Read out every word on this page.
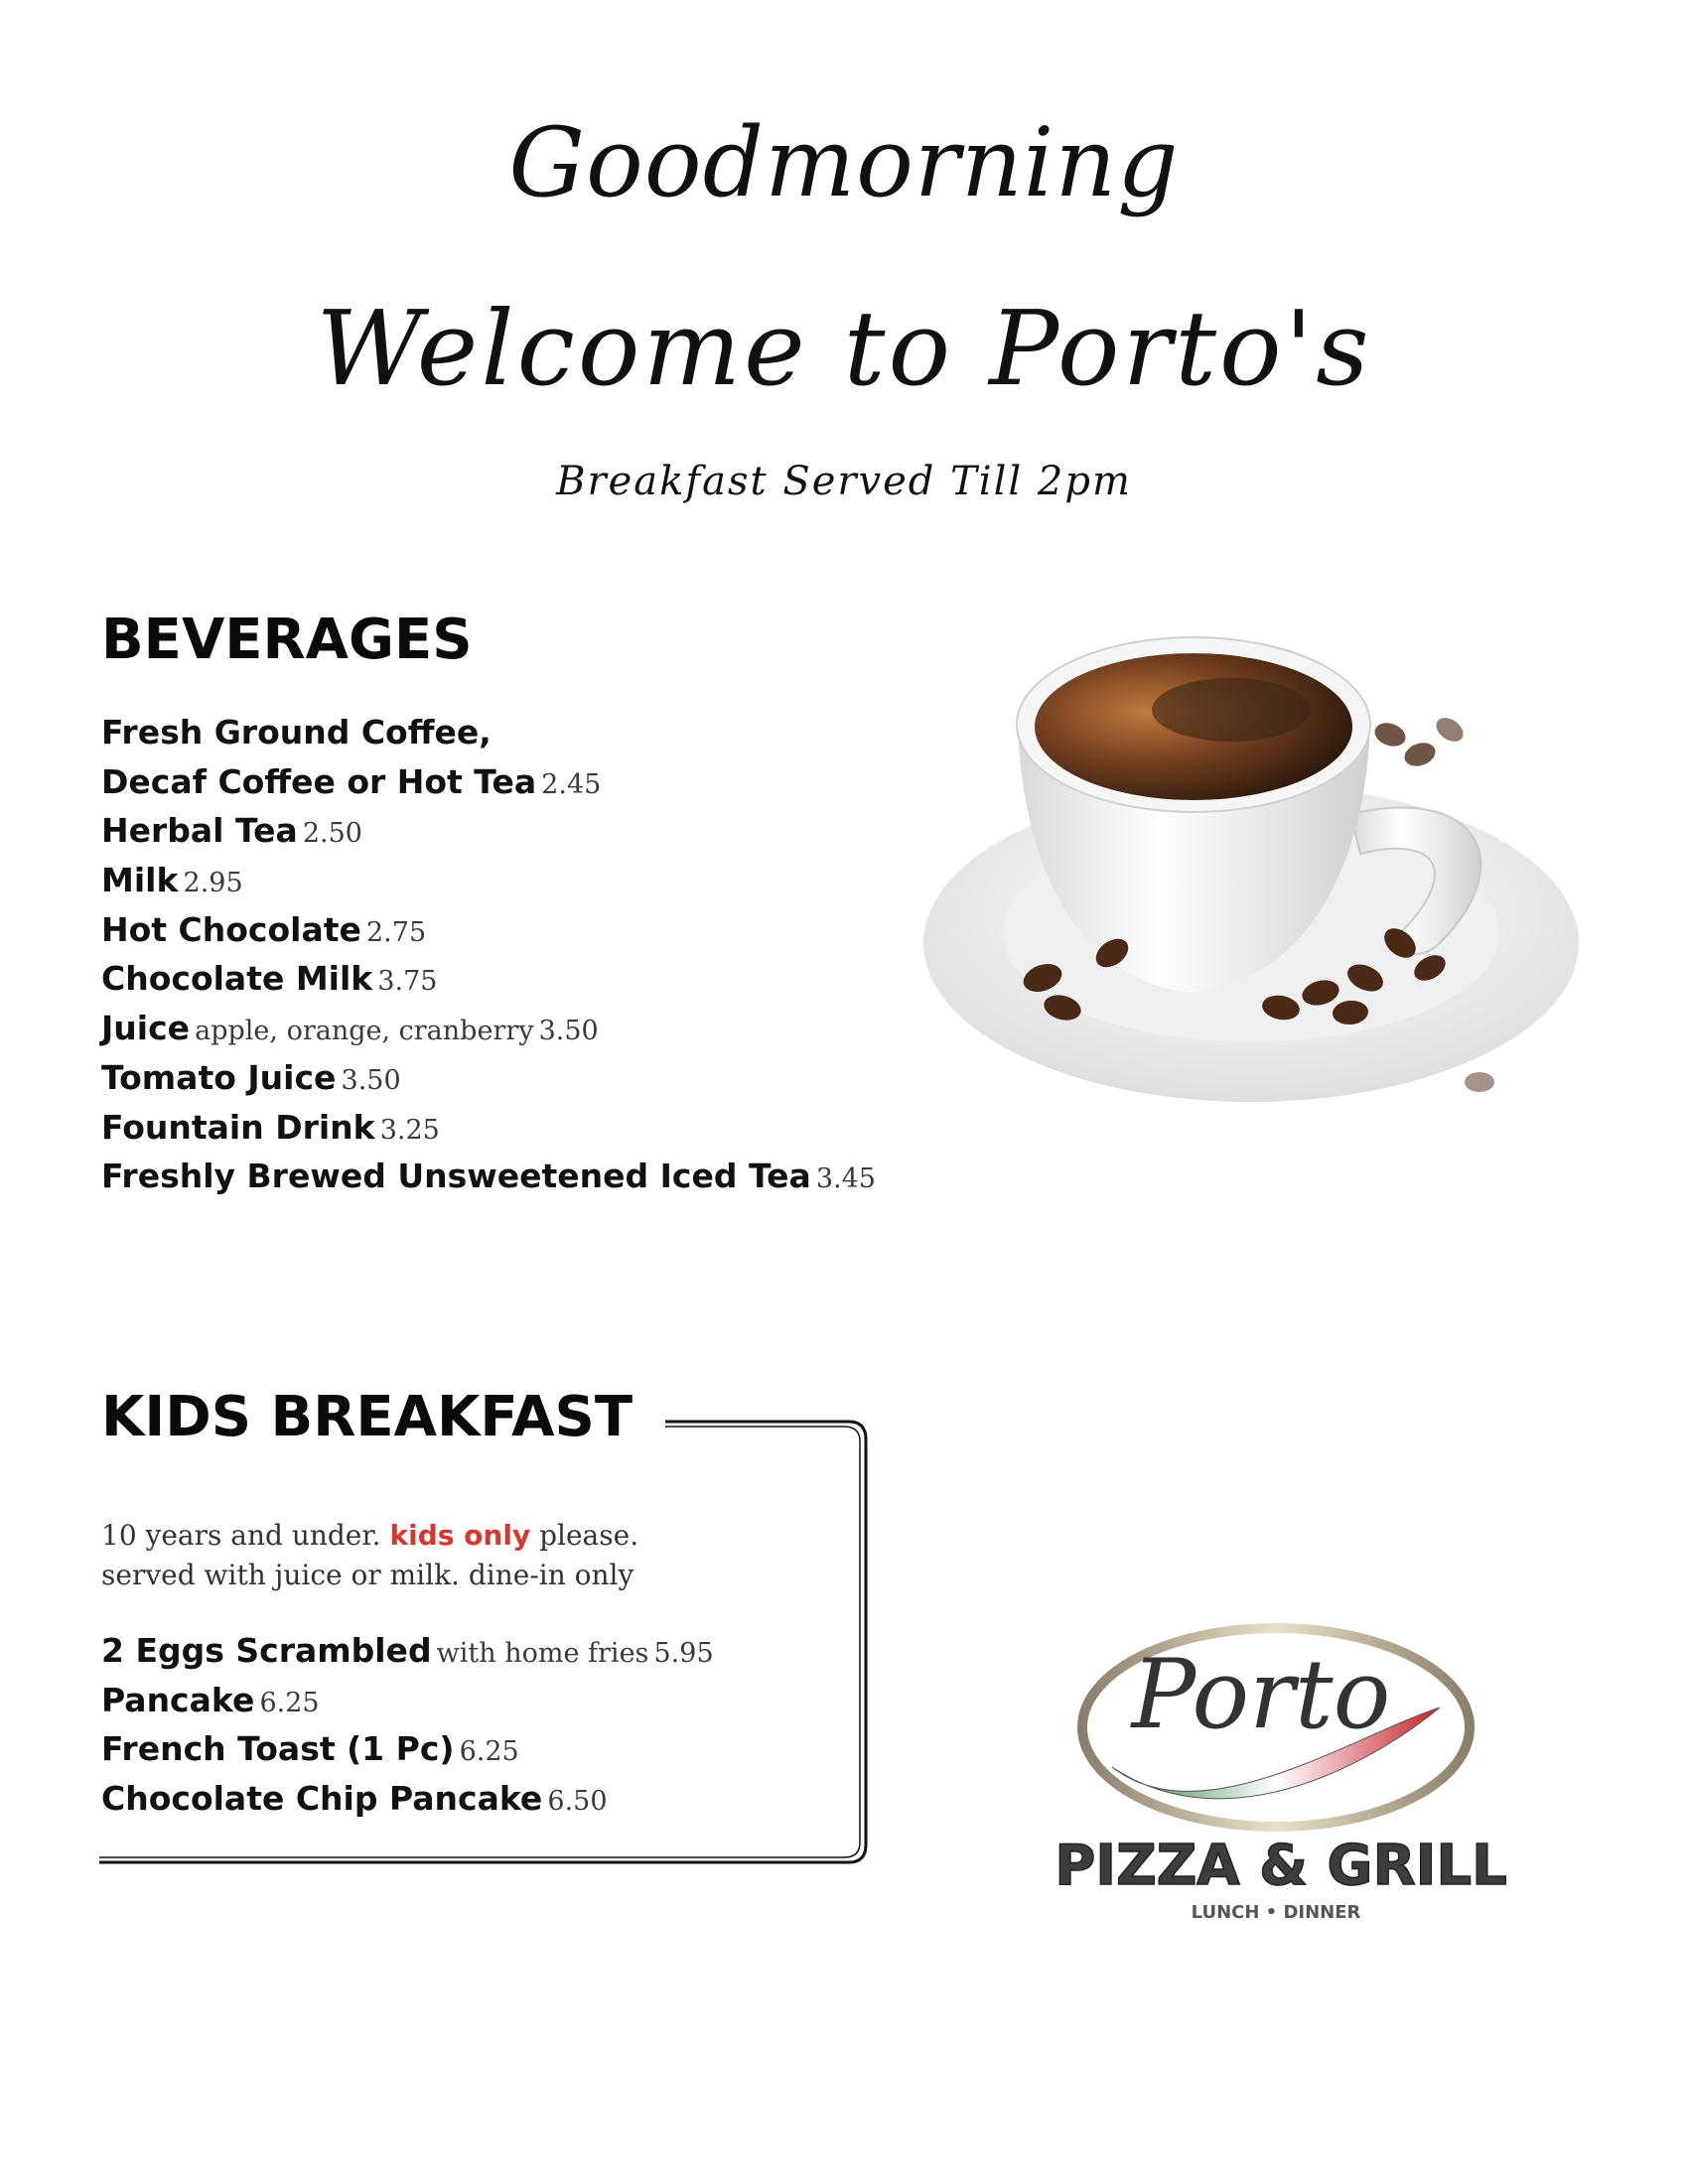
Goodmorning
Welcome to Porto's
Breakfast Served Till 2pm
BEVERAGES
Fresh Ground Coffee,
Decaf Coffee or Hot Tea 2.45
Herbal Tea 2.50
Milk 2.95
Hot Chocolate 2.75
Chocolate Milk 3.75
Juice apple, orange, cranberry 3.50
Tomato Juice 3.50
Fountain Drink 3.25
Freshly Brewed Unsweetened Iced Tea 3.45
KIDS BREAKFAST
10 years and under. kids only please.
served with juice or milk. dine-in only
2 Eggs Scrambled with home fries 5.95
Pancake 6.25
French Toast (1 Pc) 6.25
Chocolate Chip Pancake 6.50
Porto
PIZZA & GRILL
LUNCH • DINNER
